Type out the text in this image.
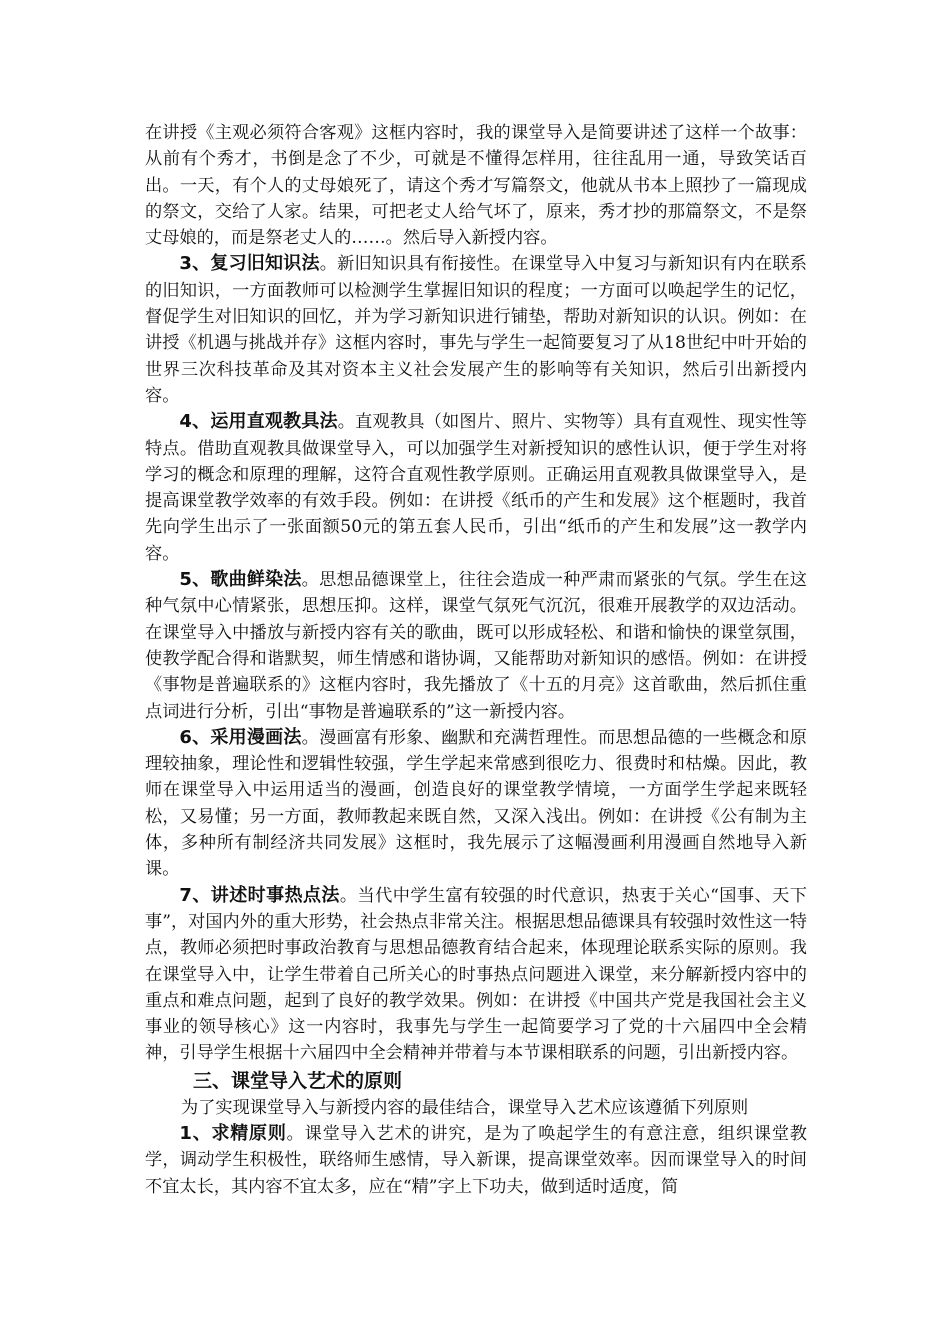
在讲授《主观必须符合客观》这框内容时，我的课堂导入是简要讲述了这样一个故事：从前有个秀才，书倒是念了不少，可就是不懂得怎样用，往往乱用一通，导致笑话百出。一天，有个人的丈母娘死了，请这个秀才写篇祭文，他就从书本上照抄了一篇现成的祭文，交给了人家。结果，可把老丈人给气坏了，原来，秀才抄的那篇祭文，不是祭丈母娘的，而是祭老丈人的……。然后导入新授内容。

3、复习旧知识法。新旧知识具有衔接性。在课堂导入中复习与新知识有内在联系的旧知识，一方面教师可以检测学生掌握旧知识的程度；一方面可以唤起学生的记忆，督促学生对旧知识的回忆，并为学习新知识进行铺垫，帮助对新知识的认识。例如：在讲授《机遇与挑战并存》这框内容时，事先与学生一起简要复习了从18世纪中叶开始的世界三次科技革命及其对资本主义社会发展产生的影响等有关知识，然后引出新授内容。

4、运用直观教具法。直观教具（如图片、照片、实物等）具有直观性、现实性等特点。借助直观教具做课堂导入，可以加强学生对新授知识的感性认识，便于学生对将学习的概念和原理的理解，这符合直观性教学原则。正确运用直观教具做课堂导入，是提高课堂教学效率的有效手段。例如：在讲授《纸币的产生和发展》这个框题时，我首先向学生出示了一张面额50元的第五套人民币，引出“纸币的产生和发展”这一教学内容。

5、歌曲鲜染法。思想品德课堂上，往往会造成一种严肃而紧张的气氛。学生在这种气氛中心情紧张，思想压抑。这样，课堂气氛死气沉沉，很难开展教学的双边活动。在课堂导入中播放与新授内容有关的歌曲，既可以形成轻松、和谐和愉快的课堂氛围，使教学配合得和谐默契，师生情感和谐协调，又能帮助对新知识的感悟。例如：在讲授《事物是普遍联系的》这框内容时，我先播放了《十五的月亮》这首歌曲，然后抓住重点词进行分析，引出“事物是普遍联系的”这一新授内容。

6、采用漫画法。漫画富有形象、幽默和充满哲理性。而思想品德的一些概念和原理较抽象，理论性和逻辑性较强，学生学起来常感到很吃力、很费时和枯燥。因此，教师在课堂导入中运用适当的漫画，创造良好的课堂教学情境，一方面学生学起来既轻松，又易懂；另一方面，教师教起来既自然，又深入浅出。例如：在讲授《公有制为主体，多种所有制经济共同发展》这框时，我先展示了这幅漫画利用漫画自然地导入新课。

7、讲述时事热点法。当代中学生富有较强的时代意识，热衷于关心“国事、天下事”，对国内外的重大形势，社会热点非常关注。根据思想品德课具有较强时效性这一特点，教师必须把时事政治教育与思想品德教育结合起来，体现理论联系实际的原则。我在课堂导入中，让学生带着自己所关心的时事热点问题进入课堂，来分解新授内容中的重点和难点问题，起到了良好的教学效果。例如：在讲授《中国共产党是我国社会主义事业的领导核心》这一内容时，我事先与学生一起简要学习了党的十六届四中全会精神，引导学生根据十六届四中全会精神并带着与本节课相联系的问题，引出新授内容。

三、课堂导入艺术的原则

为了实现课堂导入与新授内容的最佳结合，课堂导入艺术应该遵循下列原则

1、求精原则。课堂导入艺术的讲究，是为了唤起学生的有意注意，组织课堂教学，调动学生积极性，联络师生感情，导入新课，提高课堂效率。因而课堂导入的时间不宜太长，其内容不宜太多，应在“精”字上下功夫，做到适时适度，简
